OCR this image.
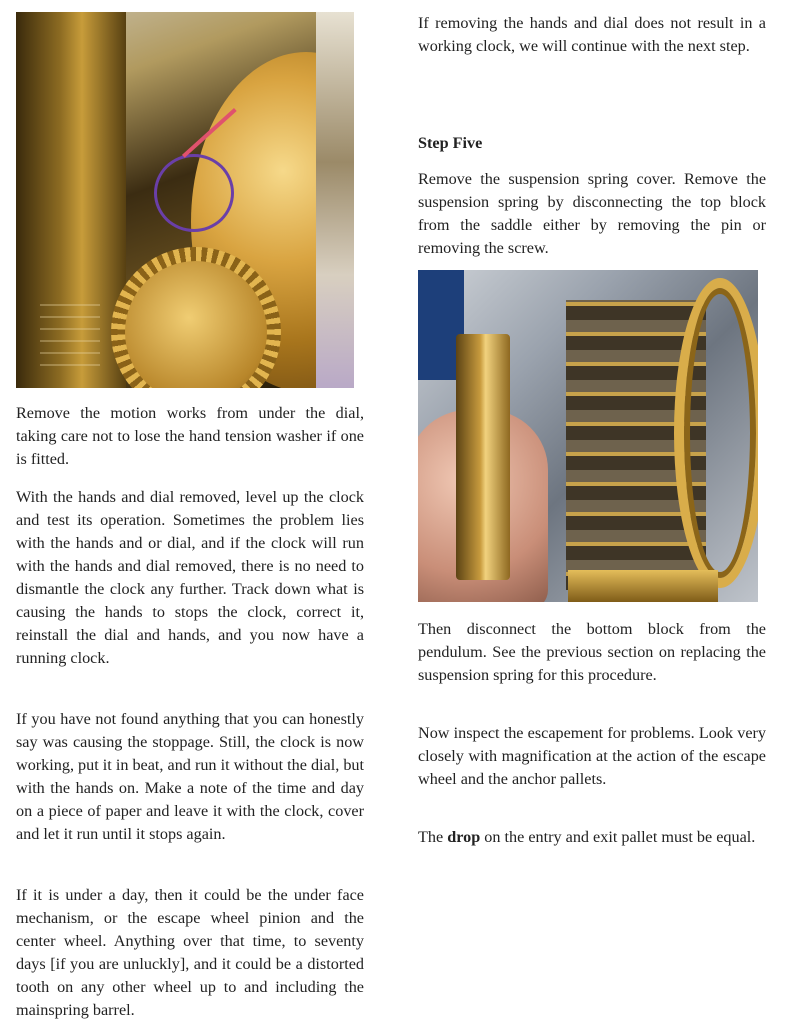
Remove the motion works from under the dial, taking care not to lose the hand tension washer if one is fitted.

With the hands and dial removed, level up the clock and test its operation. Sometimes the problem lies with the hands and or dial, and if the clock will run with the hands and dial removed, there is no need to dismantle the clock any further. Track down what is causing the hands to stops the clock, correct it, reinstall the dial and hands, and you now have a running clock.

If you have not found anything that you can honestly say was causing the stoppage. Still, the clock is now working, put it in beat, and run it without the dial, but with the hands on. Make a note of the time and day on a piece of paper and leave it with the clock, cover and let it run until it stops again.

If it is under a day, then it could be the under face mechanism, or the escape wheel pinion and the center wheel. Anything over that time, to seventy days [if you are unluckly], and it could be a distorted tooth on any other wheel up to and including the mainspring barrel.

If removing the hands and dial does not result in a working clock, we will continue with the next step.

Step Five

Remove the suspension spring cover. Remove the suspension spring by disconnecting the top block from the saddle either by removing the pin or removing the screw.

Then disconnect the bottom block from the pendulum. See the previous section on replacing the suspension spring for this procedure.

Now inspect the escapement for problems. Look very closely with magnification at the action of the escape wheel and the anchor pallets.

The drop on the entry and exit pallet must be equal.
